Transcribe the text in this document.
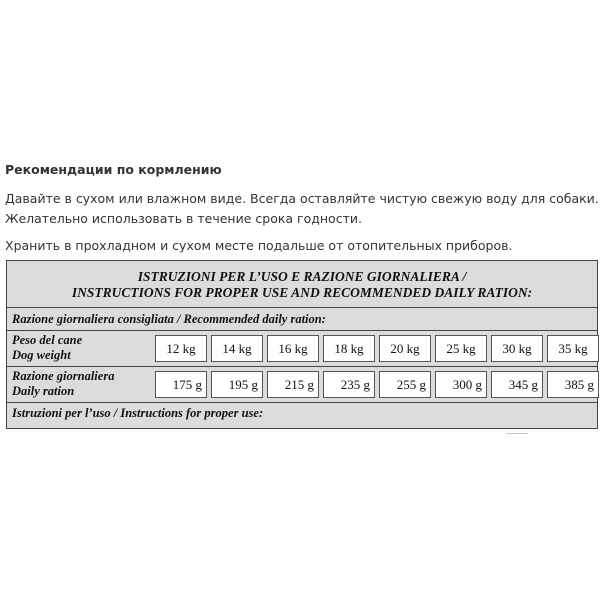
Рекомендации по кормлению
Давайте в сухом или влажном виде. Всегда оставляйте чистую свежую воду для собаки.
Желательно использовать в течение срока годности.
Хранить в прохладном и сухом месте подальше от отопительных приборов.
ISTRUZIONI PER L’USO E RAZIONE GIORNALIERA /
INSTRUCTIONS FOR PROPER USE AND RECOMMENDED DAILY RATION:
Razione giornaliera consigliata / Recommended daily ration:
Peso del cane
Dog weight	12 kg	14 kg	16 kg	18 kg	20 kg	25 kg	30 kg	35 kg
Razione giornaliera
Daily ration	175 g	195 g	215 g	235 g	255 g	300 g	345 g	385 g
Istruzioni per l’uso / Instructions for proper use:
